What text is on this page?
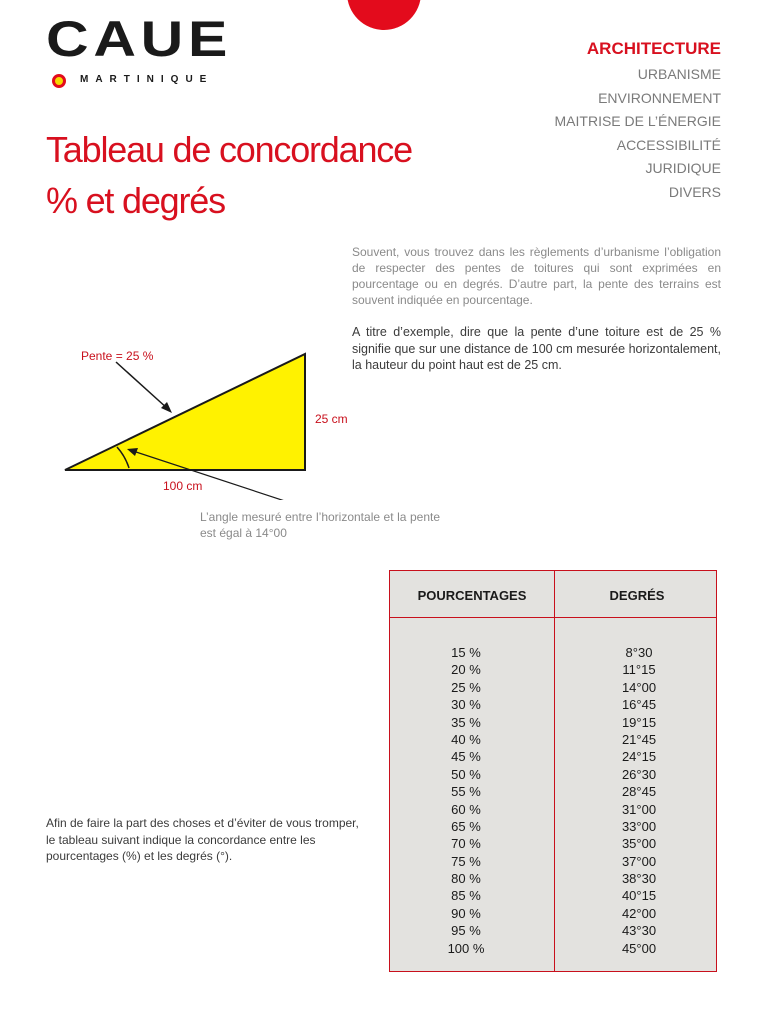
CAUE
MARTINIQUE
ARCHITECTURE
URBANISME
ENVIRONNEMENT
MAITRISE DE L’ÉNERGIE
ACCESSIBILITÉ
JURIDIQUE
DIVERS
Tableau de concordance
% et degrés

Souvent, vous trouvez dans les règlements d’urbanisme l’obligation de respecter des pentes de toitures qui sont exprimées en pourcentage ou en degrés. D’autre part, la pente des terrains est souvent indiquée en pourcentage.

A titre d’exemple, dire que la pente d’une toiture est de 25 % signifie que sur une distance de 100 cm mesurée horizontalement, la hauteur du point haut est de 25 cm.

Pente = 25 %
25 cm
100 cm

L’angle mesuré entre l’horizontale et la pente est égal à 14°00

Afin de faire la part des choses et d’éviter de vous tromper, le tableau suivant indique la concordance entre les pourcentages (%) et les degrés (°).

POURCENTAGES	DEGRÉS
15 %	8°30
20 %	11°15
25 %	14°00
30 %	16°45
35 %	19°15
40 %	21°45
45 %	24°15
50 %	26°30
55 %	28°45
60 %	31°00
65 %	33°00
70 %	35°00
75 %	37°00
80 %	38°30
85 %	40°15
90 %	42°00
95 %	43°30
100 %	45°00
